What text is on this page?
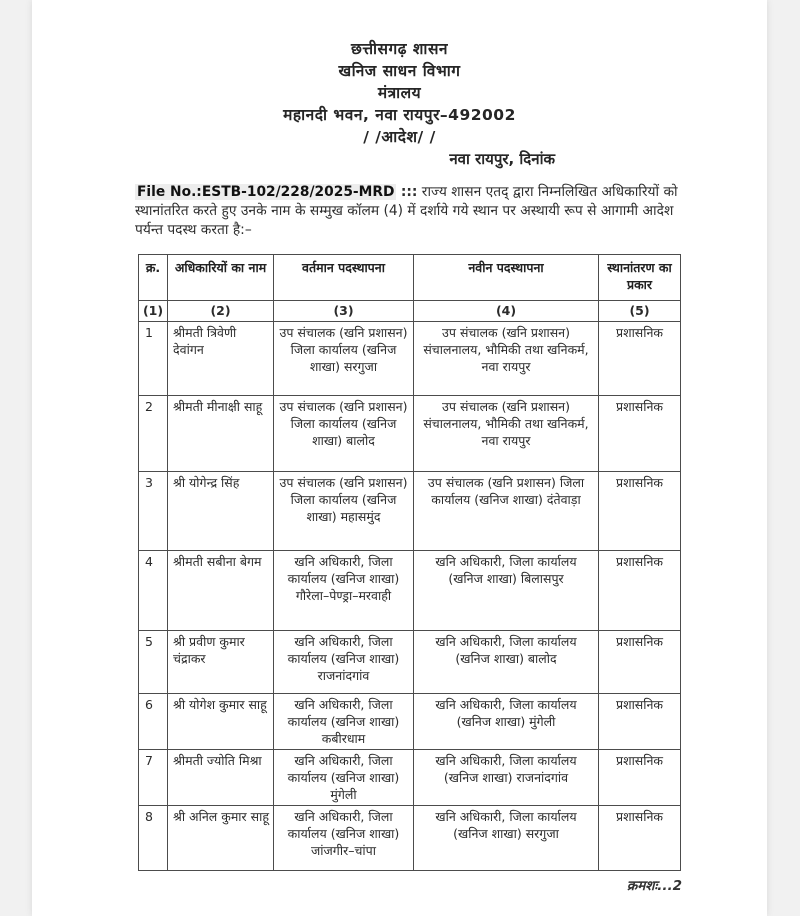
छत्तीसगढ़ शासन
खनिज साधन विभाग
मंत्रालय
महानदी भवन, नवा रायपुर–492002
/ /आदेश/ /
नवा रायपुर, दिनांक

File No.:ESTB-102/228/2025-MRD ::: राज्य शासन एतद् द्वारा निम्नलिखित अधिकारियों को स्थानांतरित करते हुए उनके नाम के सम्मुख कॉलम (4) में दर्शाये गये स्थान पर अस्थायी रूप से आगामी आदेश पर्यन्त पदस्थ करता है:–

क्र.	अधिकारियों का नाम	वर्तमान पदस्थापना	नवीन पदस्थापना	स्थानांतरण का प्रकार
(1)	(2)	(3)	(4)	(5)
1	श्रीमती त्रिवेणी देवांगन	उप संचालक (खनि प्रशासन) जिला कार्यालय (खनिज शाखा) सरगुजा	उप संचालक (खनि प्रशासन) संचालनालय, भौमिकी तथा खनिकर्म, नवा रायपुर	प्रशासनिक
2	श्रीमती मीनाक्षी साहू	उप संचालक (खनि प्रशासन) जिला कार्यालय (खनिज शाखा) बालोद	उप संचालक (खनि प्रशासन) संचालनालय, भौमिकी तथा खनिकर्म, नवा रायपुर	प्रशासनिक
3	श्री योगेन्द्र सिंह	उप संचालक (खनि प्रशासन) जिला कार्यालय (खनिज शाखा) महासमुंद	उप संचालक (खनि प्रशासन) जिला कार्यालय (खनिज शाखा) दंतेवाड़ा	प्रशासनिक
4	श्रीमती सबीना बेगम	खनि अधिकारी, जिला कार्यालय (खनिज शाखा) गौरेला–पेण्ड्रा–मरवाही	खनि अधिकारी, जिला कार्यालय (खनिज शाखा) बिलासपुर	प्रशासनिक
5	श्री प्रवीण कुमार चंद्राकर	खनि अधिकारी, जिला कार्यालय (खनिज शाखा) राजनांदगांव	खनि अधिकारी, जिला कार्यालय (खनिज शाखा) बालोद	प्रशासनिक
6	श्री योगेश कुमार साहू	खनि अधिकारी, जिला कार्यालय (खनिज शाखा) कबीरधाम	खनि अधिकारी, जिला कार्यालय (खनिज शाखा) मुंगेली	प्रशासनिक
7	श्रीमती ज्योति मिश्रा	खनि अधिकारी, जिला कार्यालय (खनिज शाखा) मुंगेली	खनि अधिकारी, जिला कार्यालय (खनिज शाखा) राजनांदगांव	प्रशासनिक
8	श्री अनिल कुमार साहू	खनि अधिकारी, जिला कार्यालय (खनिज शाखा) जांजगीर–चांपा	खनि अधिकारी, जिला कार्यालय (खनिज शाखा) सरगुजा	प्रशासनिक
क्रमशः...2
